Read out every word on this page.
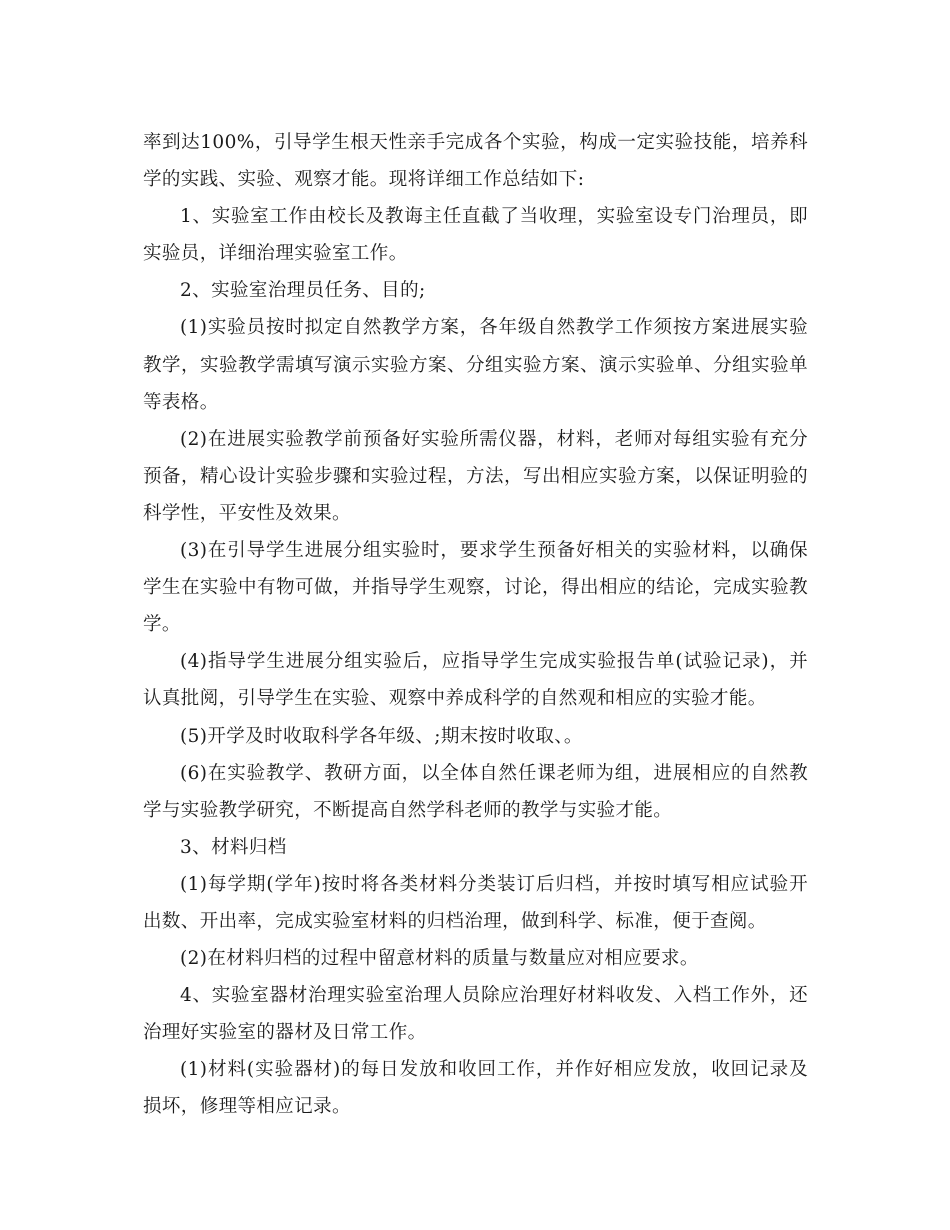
率到达100%，引导学生根天性亲手完成各个实验，构成一定实验技能，培养科学的实践、实验、观察才能。现将详细工作总结如下:

1、实验室工作由校长及教诲主任直截了当收理，实验室设专门治理员，即实验员，详细治理实验室工作。

2、实验室治理员任务、目的;

(1)实验员按时拟定自然教学方案，各年级自然教学工作须按方案进展实验教学，实验教学需填写演示实验方案、分组实验方案、演示实验单、分组实验单等表格。

(2)在进展实验教学前预备好实验所需仪器，材料，老师对每组实验有充分预备，精心设计实验步骤和实验过程，方法，写出相应实验方案，以保证明验的科学性，平安性及效果。

(3)在引导学生进展分组实验时，要求学生预备好相关的实验材料，以确保学生在实验中有物可做，并指导学生观察，讨论，得出相应的结论，完成实验教学。

(4)指导学生进展分组实验后，应指导学生完成实验报告单(试验记录)，并认真批阅，引导学生在实验、观察中养成科学的自然观和相应的实验才能。

(5)开学及时收取科学各年级、;期末按时收取、。

(6)在实验教学、教研方面，以全体自然任课老师为组，进展相应的自然教学与实验教学研究，不断提高自然学科老师的教学与实验才能。

3、材料归档

(1)每学期(学年)按时将各类材料分类装订后归档，并按时填写相应试验开出数、开出率，完成实验室材料的归档治理，做到科学、标准，便于查阅。

(2)在材料归档的过程中留意材料的质量与数量应对相应要求。

4、实验室器材治理实验室治理人员除应治理好材料收发、入档工作外，还治理好实验室的器材及日常工作。

(1)材料(实验器材)的每日发放和收回工作，并作好相应发放，收回记录及损坏，修理等相应记录。
